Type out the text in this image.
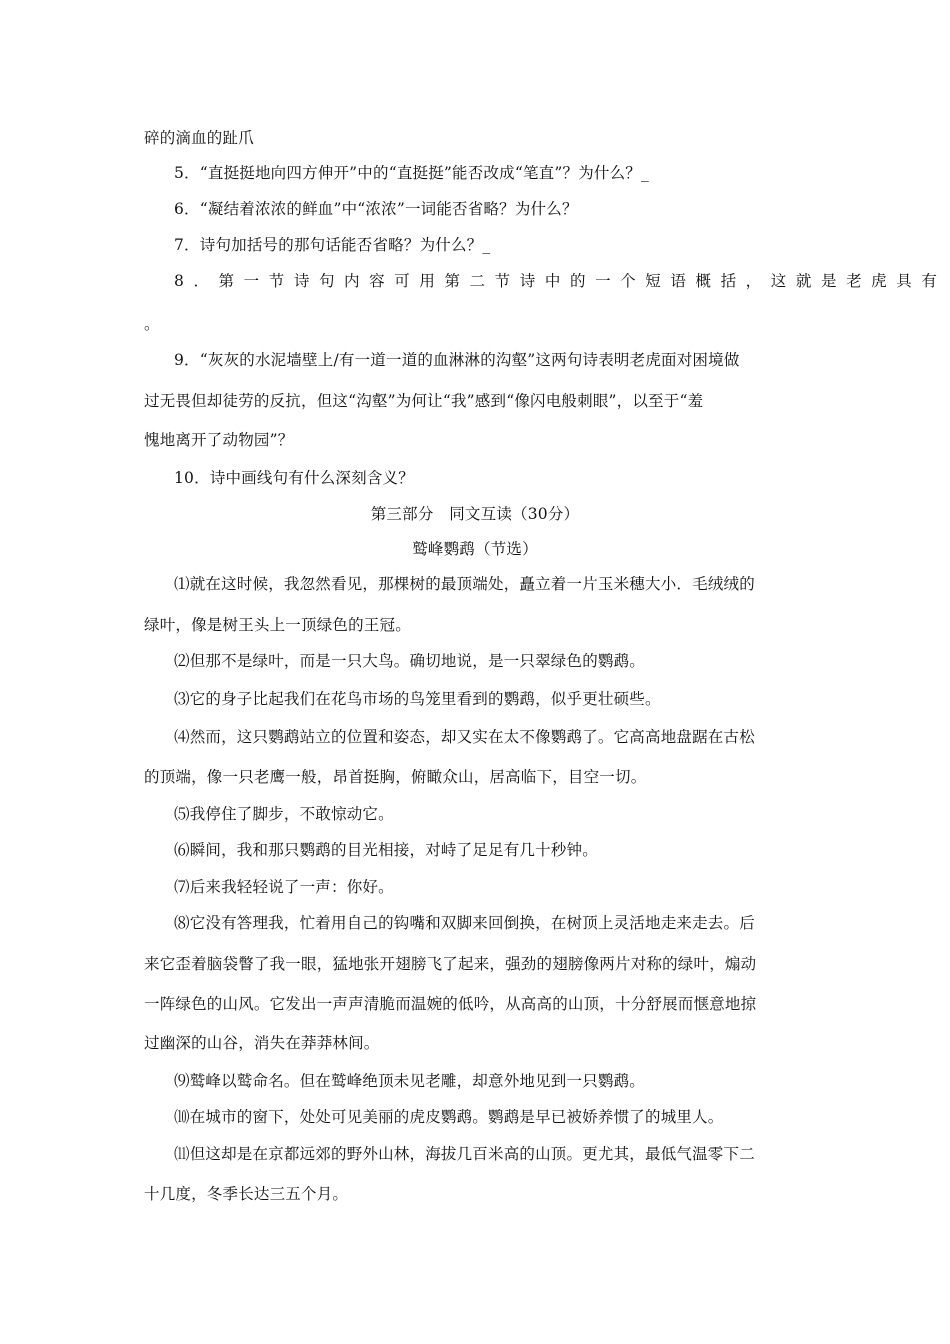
碎的滴血的趾爪
5．“直挺挺地向四方伸开”中的“直挺挺”能否改成“笔直”？为什么？_
6．“凝结着浓浓的鲜血”中“浓浓”一词能否省略？为什么？
7．诗句加括号的那句话能否省略？为什么？_
8．第一节诗句内容可用第二节诗中的一个短语概括，这就是老虎具有
。
9．“灰灰的水泥墙壁上/有一道一道的血淋淋的沟壑”这两句诗表明老虎面对困境做
过无畏但却徒劳的反抗，但这“沟壑”为何让“我”感到“像闪电般刺眼”，以至于“羞
愧地离开了动物园”？
10．诗中画线句有什么深刻含义？
第三部分　同文互读（30分）
鹫峰鹦鹉（节选）
⑴就在这时候，我忽然看见，那棵树的最顶端处，矗立着一片玉米穗大小．毛绒绒的
绿叶，像是树王头上一顶绿色的王冠。
⑵但那不是绿叶，而是一只大鸟。确切地说，是一只翠绿色的鹦鹉。
⑶它的身子比起我们在花鸟市场的鸟笼里看到的鹦鹉，似乎更壮硕些。
⑷然而，这只鹦鹉站立的位置和姿态，却又实在太不像鹦鹉了。它高高地盘踞在古松
的顶端，像一只老鹰一般，昂首挺胸，俯瞰众山，居高临下，目空一切。
⑸我停住了脚步，不敢惊动它。
⑹瞬间，我和那只鹦鹉的目光相接，对峙了足足有几十秒钟。
⑺后来我轻轻说了一声：你好。
⑻它没有答理我，忙着用自己的钩嘴和双脚来回倒换，在树顶上灵活地走来走去。后
来它歪着脑袋瞥了我一眼，猛地张开翅膀飞了起来，强劲的翅膀像两片对称的绿叶，煽动
一阵绿色的山风。它发出一声声清脆而温婉的低吟，从高高的山顶，十分舒展而惬意地掠
过幽深的山谷，消失在莽莽林间。
⑼鹫峰以鹫命名。但在鹫峰绝顶未见老雕，却意外地见到一只鹦鹉。
⑽在城市的窗下，处处可见美丽的虎皮鹦鹉。鹦鹉是早已被娇养惯了的城里人。
⑾但这却是在京都远郊的野外山林，海拔几百米高的山顶。更尤其，最低气温零下二
十几度，冬季长达三五个月。
